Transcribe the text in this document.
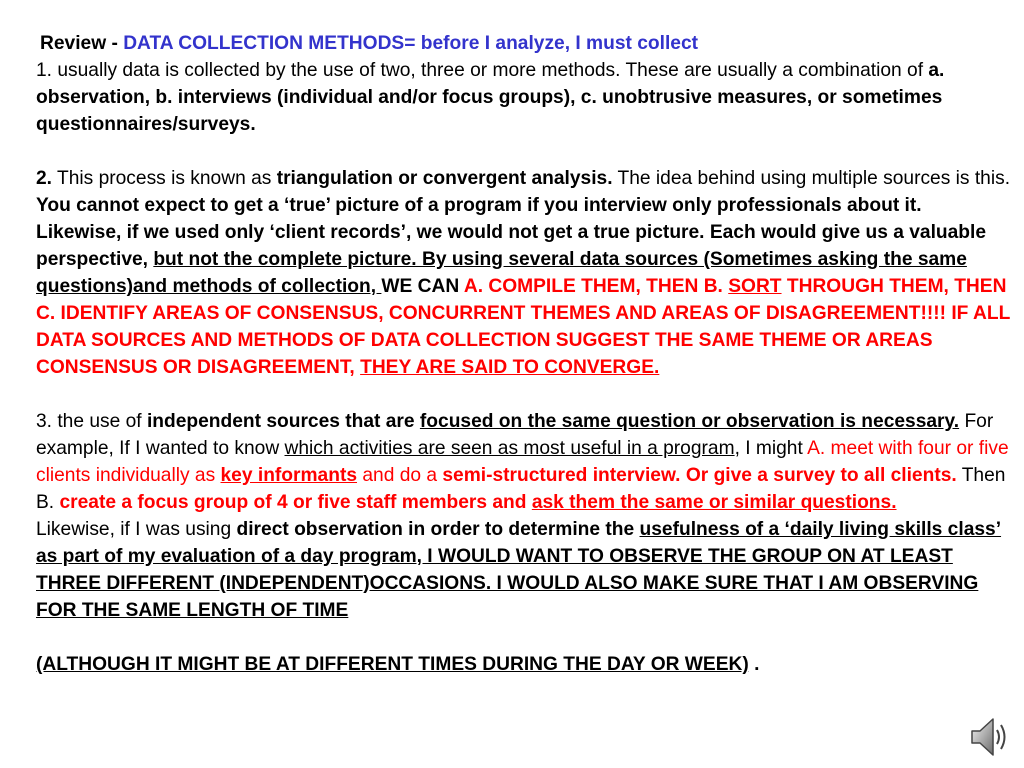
Review - DATA COLLECTION METHODS= before I analyze, I must collect

1. usually data is collected by the use of two, three or more methods. These are usually a combination of a. observation, b. interviews (individual and/or focus groups), c. unobtrusive measures, or sometimes questionnaires/surveys.

2. This process is known as triangulation or convergent analysis. The idea behind using multiple sources is this. You cannot expect to get a ‘true’ picture of a program if you interview only professionals about it. Likewise, if we used only ‘client records’, we would not get a true picture. Each would give us a valuable perspective, but not the complete picture. By using several data sources (Sometimes asking the same questions)and methods of collection, WE CAN A. COMPILE THEM, THEN B. SORT THROUGH THEM, THEN C. IDENTIFY AREAS OF CONSENSUS, CONCURRENT THEMES AND AREAS OF DISAGREEMENT!!!! IF ALL DATA SOURCES AND METHODS OF DATA COLLECTION SUGGEST THE SAME THEME OR AREAS CONSENSUS OR DISAGREEMENT, THEY ARE SAID TO CONVERGE.

3. the use of independent sources that are focused on the same question or observation is necessary. For example, If I wanted to know which activities are seen as most useful in a program, I might A. meet with four or five clients individually as key informants and do a semi-structured interview. Or give a survey to all clients. Then B. create a focus group of 4 or five staff members and ask them the same or similar questions.

Likewise, if I was using direct observation in order to determine the usefulness of a ‘daily living skills class’ as part of my evaluation of a day program, I WOULD WANT TO OBSERVE THE GROUP ON AT LEAST THREE DIFFERENT (INDEPENDENT)OCCASIONS. I WOULD ALSO MAKE SURE THAT I AM OBSERVING FOR THE SAME LENGTH OF TIME

(ALTHOUGH IT MIGHT BE AT DIFFERENT TIMES DURING THE DAY OR WEEK) .
